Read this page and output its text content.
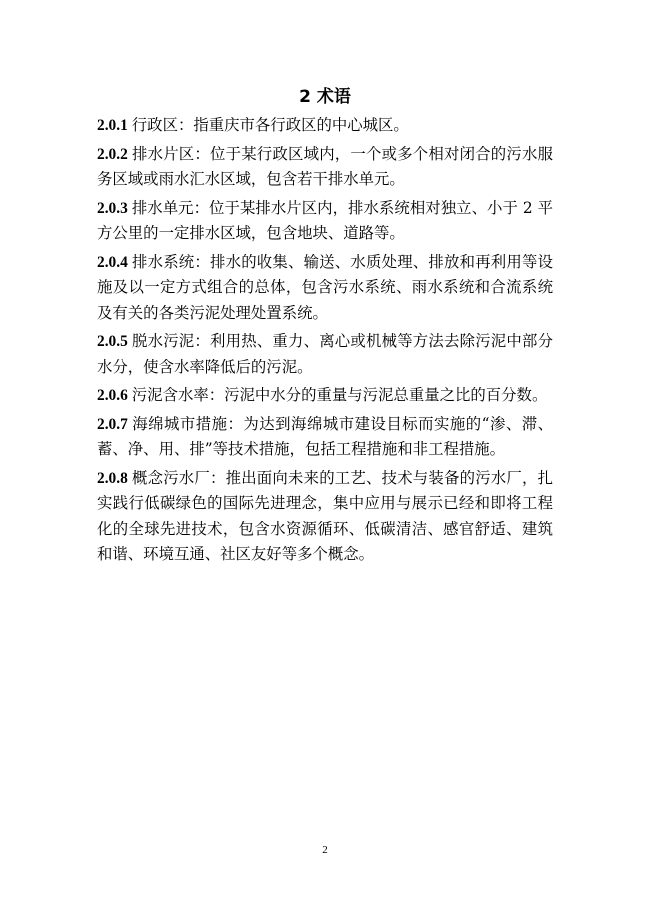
2 术语

2.0.1 行政区：指重庆市各行政区的中心城区。

2.0.2 排水片区：位于某行政区域内，一个或多个相对闭合的污水服务区域或雨水汇水区域，包含若干排水单元。

2.0.3 排水单元：位于某排水片区内，排水系统相对独立、小于 2 平方公里的一定排水区域，包含地块、道路等。

2.0.4 排水系统：排水的收集、输送、水质处理、排放和再利用等设施及以一定方式组合的总体，包含污水系统、雨水系统和合流系统及有关的各类污泥处理处置系统。

2.0.5 脱水污泥：利用热、重力、离心或机械等方法去除污泥中部分水分，使含水率降低后的污泥。

2.0.6 污泥含水率：污泥中水分的重量与污泥总重量之比的百分数。

2.0.7 海绵城市措施：为达到海绵城市建设目标而实施的“渗、滞、蓄、净、用、排”等技术措施，包括工程措施和非工程措施。

2.0.8 概念污水厂：推出面向未来的工艺、技术与装备的污水厂，扎实践行低碳绿色的国际先进理念，集中应用与展示已经和即将工程化的全球先进技术，包含水资源循环、低碳清洁、感官舒适、建筑和谐、环境互通、社区友好等多个概念。

2
